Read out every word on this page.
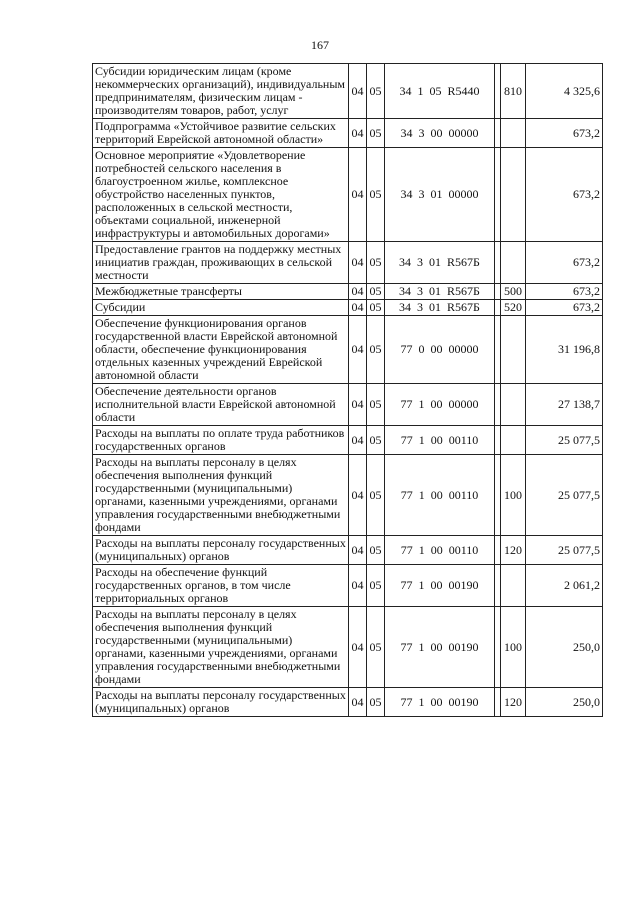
167
Субсидии юридическим лицам (кроме некоммерческих организаций), индивидуальным предпринимателям, физическим лицам - производителям товаров, работ, услуг	04	05	34 1 05 R5440		810	4 325,6
Подпрограмма «Устойчивое развитие сельских территорий Еврейской автономной области»	04	05	34 3 00 00000			673,2
Основное мероприятие «Удовлетворение потребностей сельского населения в благоустроенном жилье, комплексное обустройство населенных пунктов, расположенных в сельской местности, объектами социальной, инженерной инфраструктуры и автомобильных дорогами»	04	05	34 3 01 00000			673,2
Предоставление грантов на поддержку местных инициатив граждан, проживающих в сельской местности	04	05	34 3 01 R567Б			673,2
Межбюджетные трансферты	04	05	34 3 01 R567Б		500	673,2
Субсидии	04	05	34 3 01 R567Б		520	673,2
Обеспечение функционирования органов государственной власти Еврейской автономной области, обеспечение функционирования отдельных казенных учреждений Еврейской автономной области	04	05	77 0 00 00000			31 196,8
Обеспечение деятельности органов исполнительной власти Еврейской автономной области	04	05	77 1 00 00000			27 138,7
Расходы на выплаты по оплате труда работников государственных органов	04	05	77 1 00 00110			25 077,5
Расходы на выплаты персоналу в целях обеспечения выполнения функций государственными (муниципальными) органами, казенными учреждениями, органами управления государственными внебюджетными фондами	04	05	77 1 00 00110		100	25 077,5
Расходы на выплаты персоналу государственных (муниципальных) органов	04	05	77 1 00 00110		120	25 077,5
Расходы на обеспечение функций государственных органов, в том числе территориальных органов	04	05	77 1 00 00190			2 061,2
Расходы на выплаты персоналу в целях обеспечения выполнения функций государственными (муниципальными) органами, казенными учреждениями, органами управления государственными внебюджетными фондами	04	05	77 1 00 00190		100	250,0
Расходы на выплаты персоналу государственных (муниципальных) органов	04	05	77 1 00 00190		120	250,0
